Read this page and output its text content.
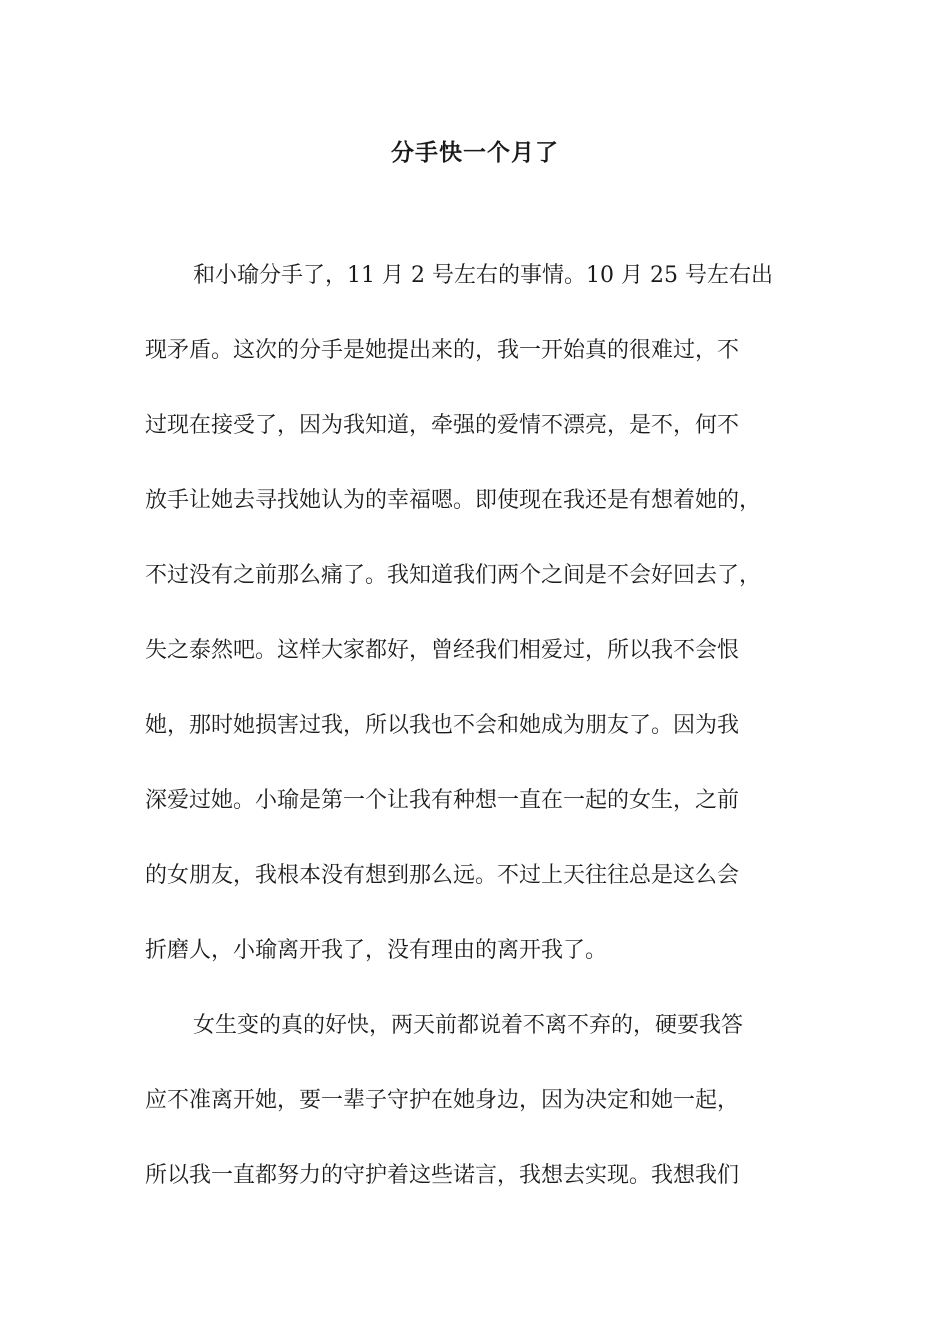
分手快一个月了
和小瑜分手了，11 月 2 号左右的事情。10 月 25 号左右出
现矛盾。这次的分手是她提出来的，我一开始真的很难过，不
过现在接受了，因为我知道，牵强的爱情不漂亮，是不，何不
放手让她去寻找她认为的幸福嗯。即使现在我还是有想着她的，
不过没有之前那么痛了。我知道我们两个之间是不会好回去了，
失之泰然吧。这样大家都好，曾经我们相爱过，所以我不会恨
她，那时她损害过我，所以我也不会和她成为朋友了。因为我
深爱过她。小瑜是第一个让我有种想一直在一起的女生，之前
的女朋友，我根本没有想到那么远。不过上天往往总是这么会
折磨人，小瑜离开我了，没有理由的离开我了。
女生变的真的好快，两天前都说着不离不弃的，硬要我答
应不准离开她，要一辈子守护在她身边，因为决定和她一起，
所以我一直都努力的守护着这些诺言，我想去实现。我想我们
